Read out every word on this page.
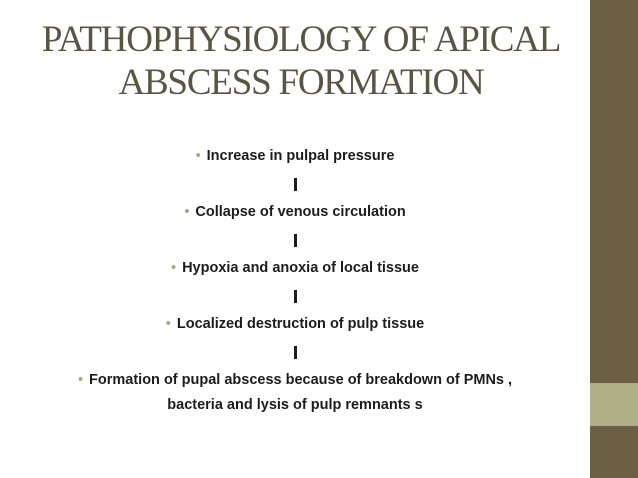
PATHOPHYSIOLOGY OF APICAL
ABSCESS FORMATION
• Increase in pulpal pressure
• Collapse of venous circulation
• Hypoxia and anoxia of local tissue
• Localized destruction of pulp tissue
• Formation of pupal abscess because of breakdown of PMNs ,
bacteria and lysis of pulp remnants s
